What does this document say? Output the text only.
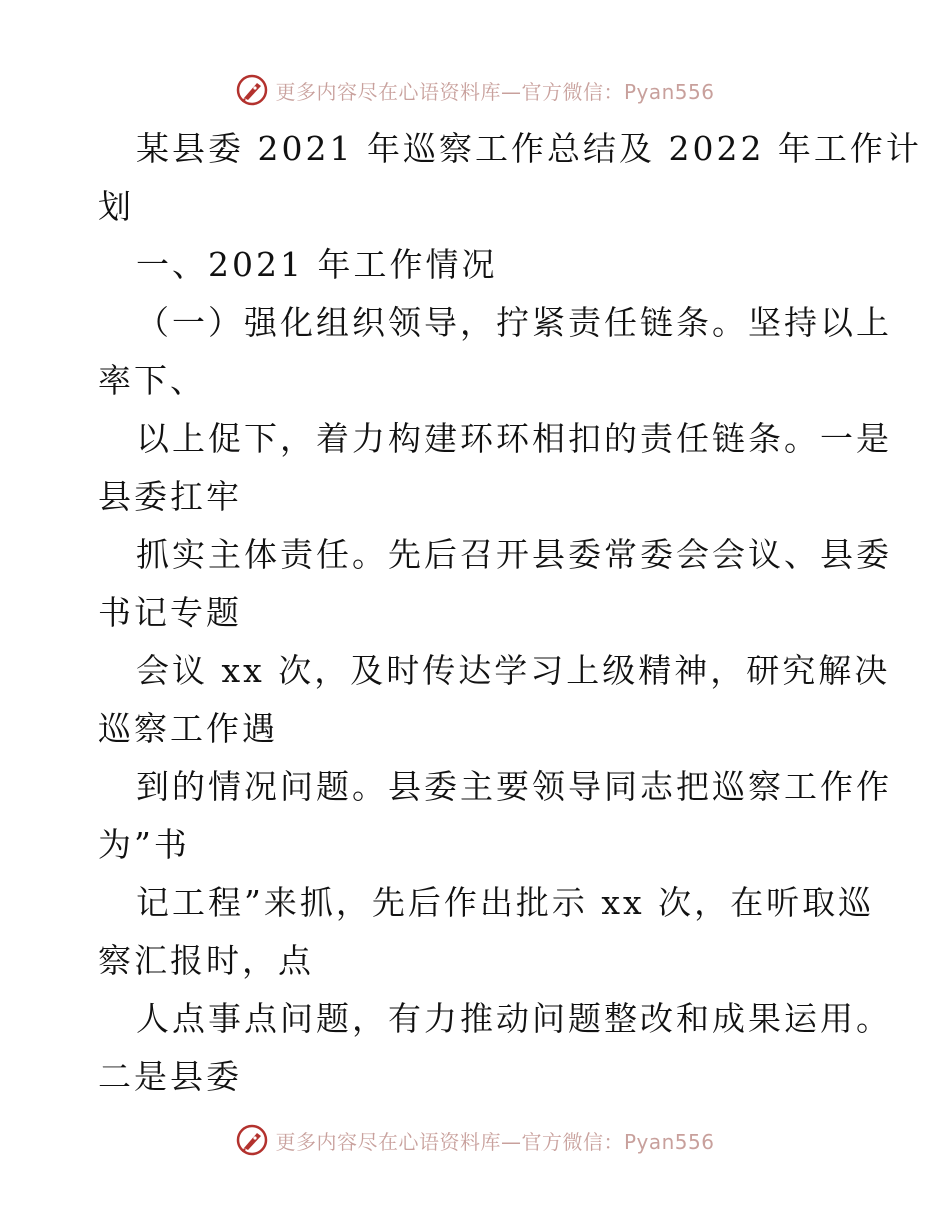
更多内容尽在心语资料库—官方微信：Pyan556
某县委 2021 年巡察工作总结及 2022 年工作计
划
一、2021 年工作情况
（一）强化组织领导，拧紧责任链条。坚持以上
率下、
以上促下，着力构建环环相扣的责任链条。一是
县委扛牢
抓实主体责任。先后召开县委常委会会议、县委
书记专题
会议 xx 次，及时传达学习上级精神，研究解决
巡察工作遇
到的情况问题。县委主要领导同志把巡察工作作
为”书
记工程”来抓，先后作出批示 xx 次，在听取巡
察汇报时，点
人点事点问题，有力推动问题整改和成果运用。
二是县委
更多内容尽在心语资料库—官方微信：Pyan556
